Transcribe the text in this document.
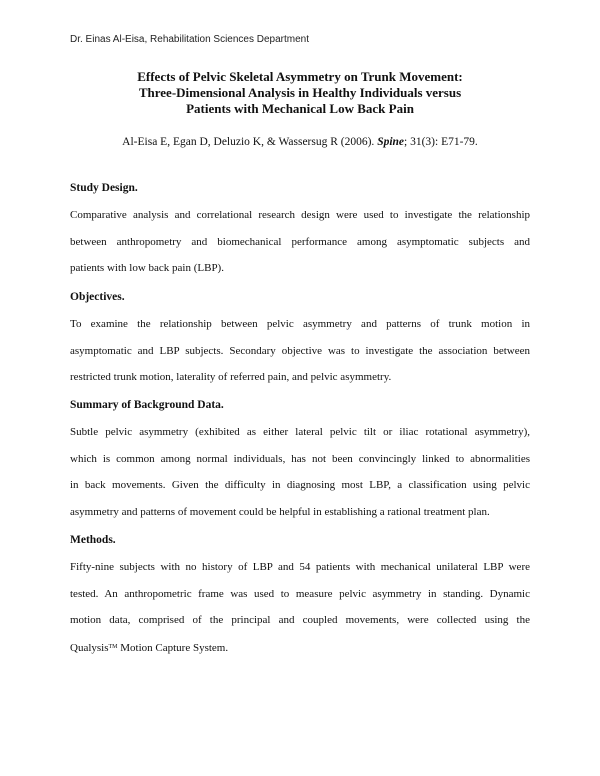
Dr. Einas Al-Eisa, Rehabilitation Sciences Department
Effects of Pelvic Skeletal Asymmetry on Trunk Movement:
Three-Dimensional Analysis in Healthy Individuals versus
Patients with Mechanical Low Back Pain
Al-Eisa E, Egan D, Deluzio K, & Wassersug R (2006). Spine; 31(3): E71-79.
Study Design.
Comparative analysis and correlational research design were used to investigate the relationship
between anthropometry and biomechanical performance among asymptomatic subjects and
patients with low back pain (LBP).
Objectives.
To examine the relationship between pelvic asymmetry and patterns of trunk motion in
asymptomatic and LBP subjects. Secondary objective was to investigate the association between
restricted trunk motion, laterality of referred pain, and pelvic asymmetry.
Summary of Background Data.
Subtle pelvic asymmetry (exhibited as either lateral pelvic tilt or iliac rotational asymmetry),
which is common among normal individuals, has not been convincingly linked to abnormalities
in back movements. Given the difficulty in diagnosing most LBP, a classification using pelvic
asymmetry and patterns of movement could be helpful in establishing a rational treatment plan.
Methods.
Fifty-nine subjects with no history of LBP and 54 patients with mechanical unilateral LBP were
tested. An anthropometric frame was used to measure pelvic asymmetry in standing. Dynamic
motion data, comprised of the principal and coupled movements, were collected using the
Qualysis™ Motion Capture System.
